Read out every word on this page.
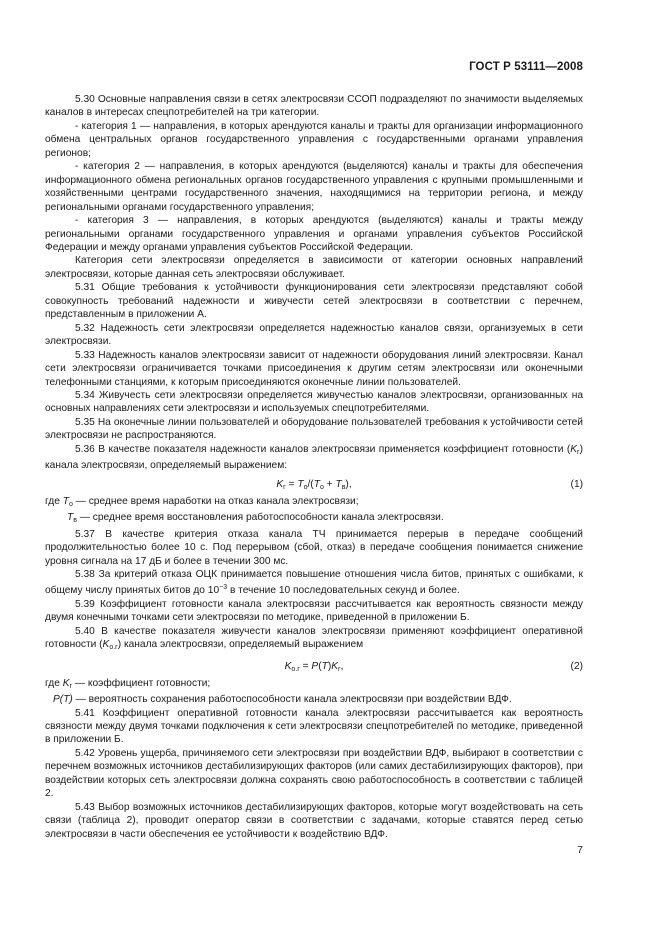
ГОСТ Р 53111—2008

5.30 Основные направления связи в сетях электросвязи ССОП подразделяют по значимости выделяемых каналов в интересах спецпотребителей на три категории.

- категория 1 — направления, в которых арендуются каналы и тракты для организации информационного обмена центральных органов государственного управления с государственными органами управления регионов;

- категория 2 — направления, в которых арендуются (выделяются) каналы и тракты для обеспечения информационного обмена региональных органов государственного управления с крупными промышленными и хозяйственными центрами государственного значения, находящимися на территории региона, и между региональными органами государственного управления;

- категория 3 — направления, в которых арендуются (выделяются) каналы и тракты между региональными органами государственного управления и органами управления субъектов Российской Федерации и между органами управления субъектов Российской Федерации.

Категория сети электросвязи определяется в зависимости от категории основных направлений электросвязи, которые данная сеть электросвязи обслуживает.

5.31 Общие требования к устойчивости функционирования сети электросвязи представляют собой совокупность требований надежности и живучести сетей электросвязи в соответствии с перечнем, представленным в приложении А.

5.32 Надежность сети электросвязи определяется надежностью каналов связи, организуемых в сети электросвязи.

5.33 Надежность каналов электросвязи зависит от надежности оборудования линий электросвязи. Канал сети электросвязи ограничивается точками присоединения к другим сетям электросвязи или оконечными телефонными станциями, к которым присоединяются оконечные линии пользователей.

5.34 Живучесть сети электросвязи определяется живучестью каналов электросвязи, организованных на основных направлениях сети электросвязи и используемых спецпотребителями.

5.35 На оконечные линии пользователей и оборудование пользователей требования к устойчивости сетей электросвязи не распространяются.

5.36 В качестве показателя надежности каналов электросвязи применяется коэффициент готовности $(K_г)$ канала электросвязи, определяемый выражением:

$K_г = T_о/(T_о + T_в)$,	(1)

где $T_о$ — среднее время наработки на отказ канала электросвязи;

$T_в$ — среднее время восстановления работоспособности канала электросвязи.

5.37 В качестве критерия отказа канала ТЧ принимается перерыв в передаче сообщений продолжительностью более 10 с. Под перерывом (сбой, отказ) в передаче сообщения понимается снижение уровня сигнала на 17 дБ и более в течении 300 мс.

5.38 За критерий отказа ОЦК принимается повышение отношения числа битов, принятых с ошибками, к общему числу принятых битов до $10^{-3}$ в течение 10 последовательных секунд и более.

5.39 Коэффициент готовности канала электросвязи рассчитывается как вероятность связности между двумя конечными точками сети электросвязи по методике, приведенной в приложении Б.

5.40 В качестве показателя живучести каналов электросвязи применяют коэффициент оперативной готовности $(K_{о.г})$ канала электросвязи, определяемый выражением

$K_{о.г} = P(T)K_г$,	(2)

где $K_г$ — коэффициент готовности;

P(T) — вероятность сохранения работоспособности канала электросвязи при воздействии ВДФ.

5.41 Коэффициент оперативной готовности канала электросвязи рассчитывается как вероятность связности между двумя точками подключения к сети электросвязи спецпотребителей по методике, приведенной в приложении Б.

5.42 Уровень ущерба, причиняемого сети электросвязи при воздействии ВДФ, выбирают в соответствии с перечнем возможных источников дестабилизирующих факторов (или самих дестабилизирующих факторов), при воздействии которых сеть электросвязи должна сохранять свою работоспособность в соответствии с таблицей 2.

5.43 Выбор возможных источников дестабилизирующих факторов, которые могут воздействовать на сеть связи (таблица 2), проводит оператор связи в соответствии с задачами, которые ставятся перед сетью электросвязи в части обеспечения ее устойчивости к воздействию ВДФ.

7
